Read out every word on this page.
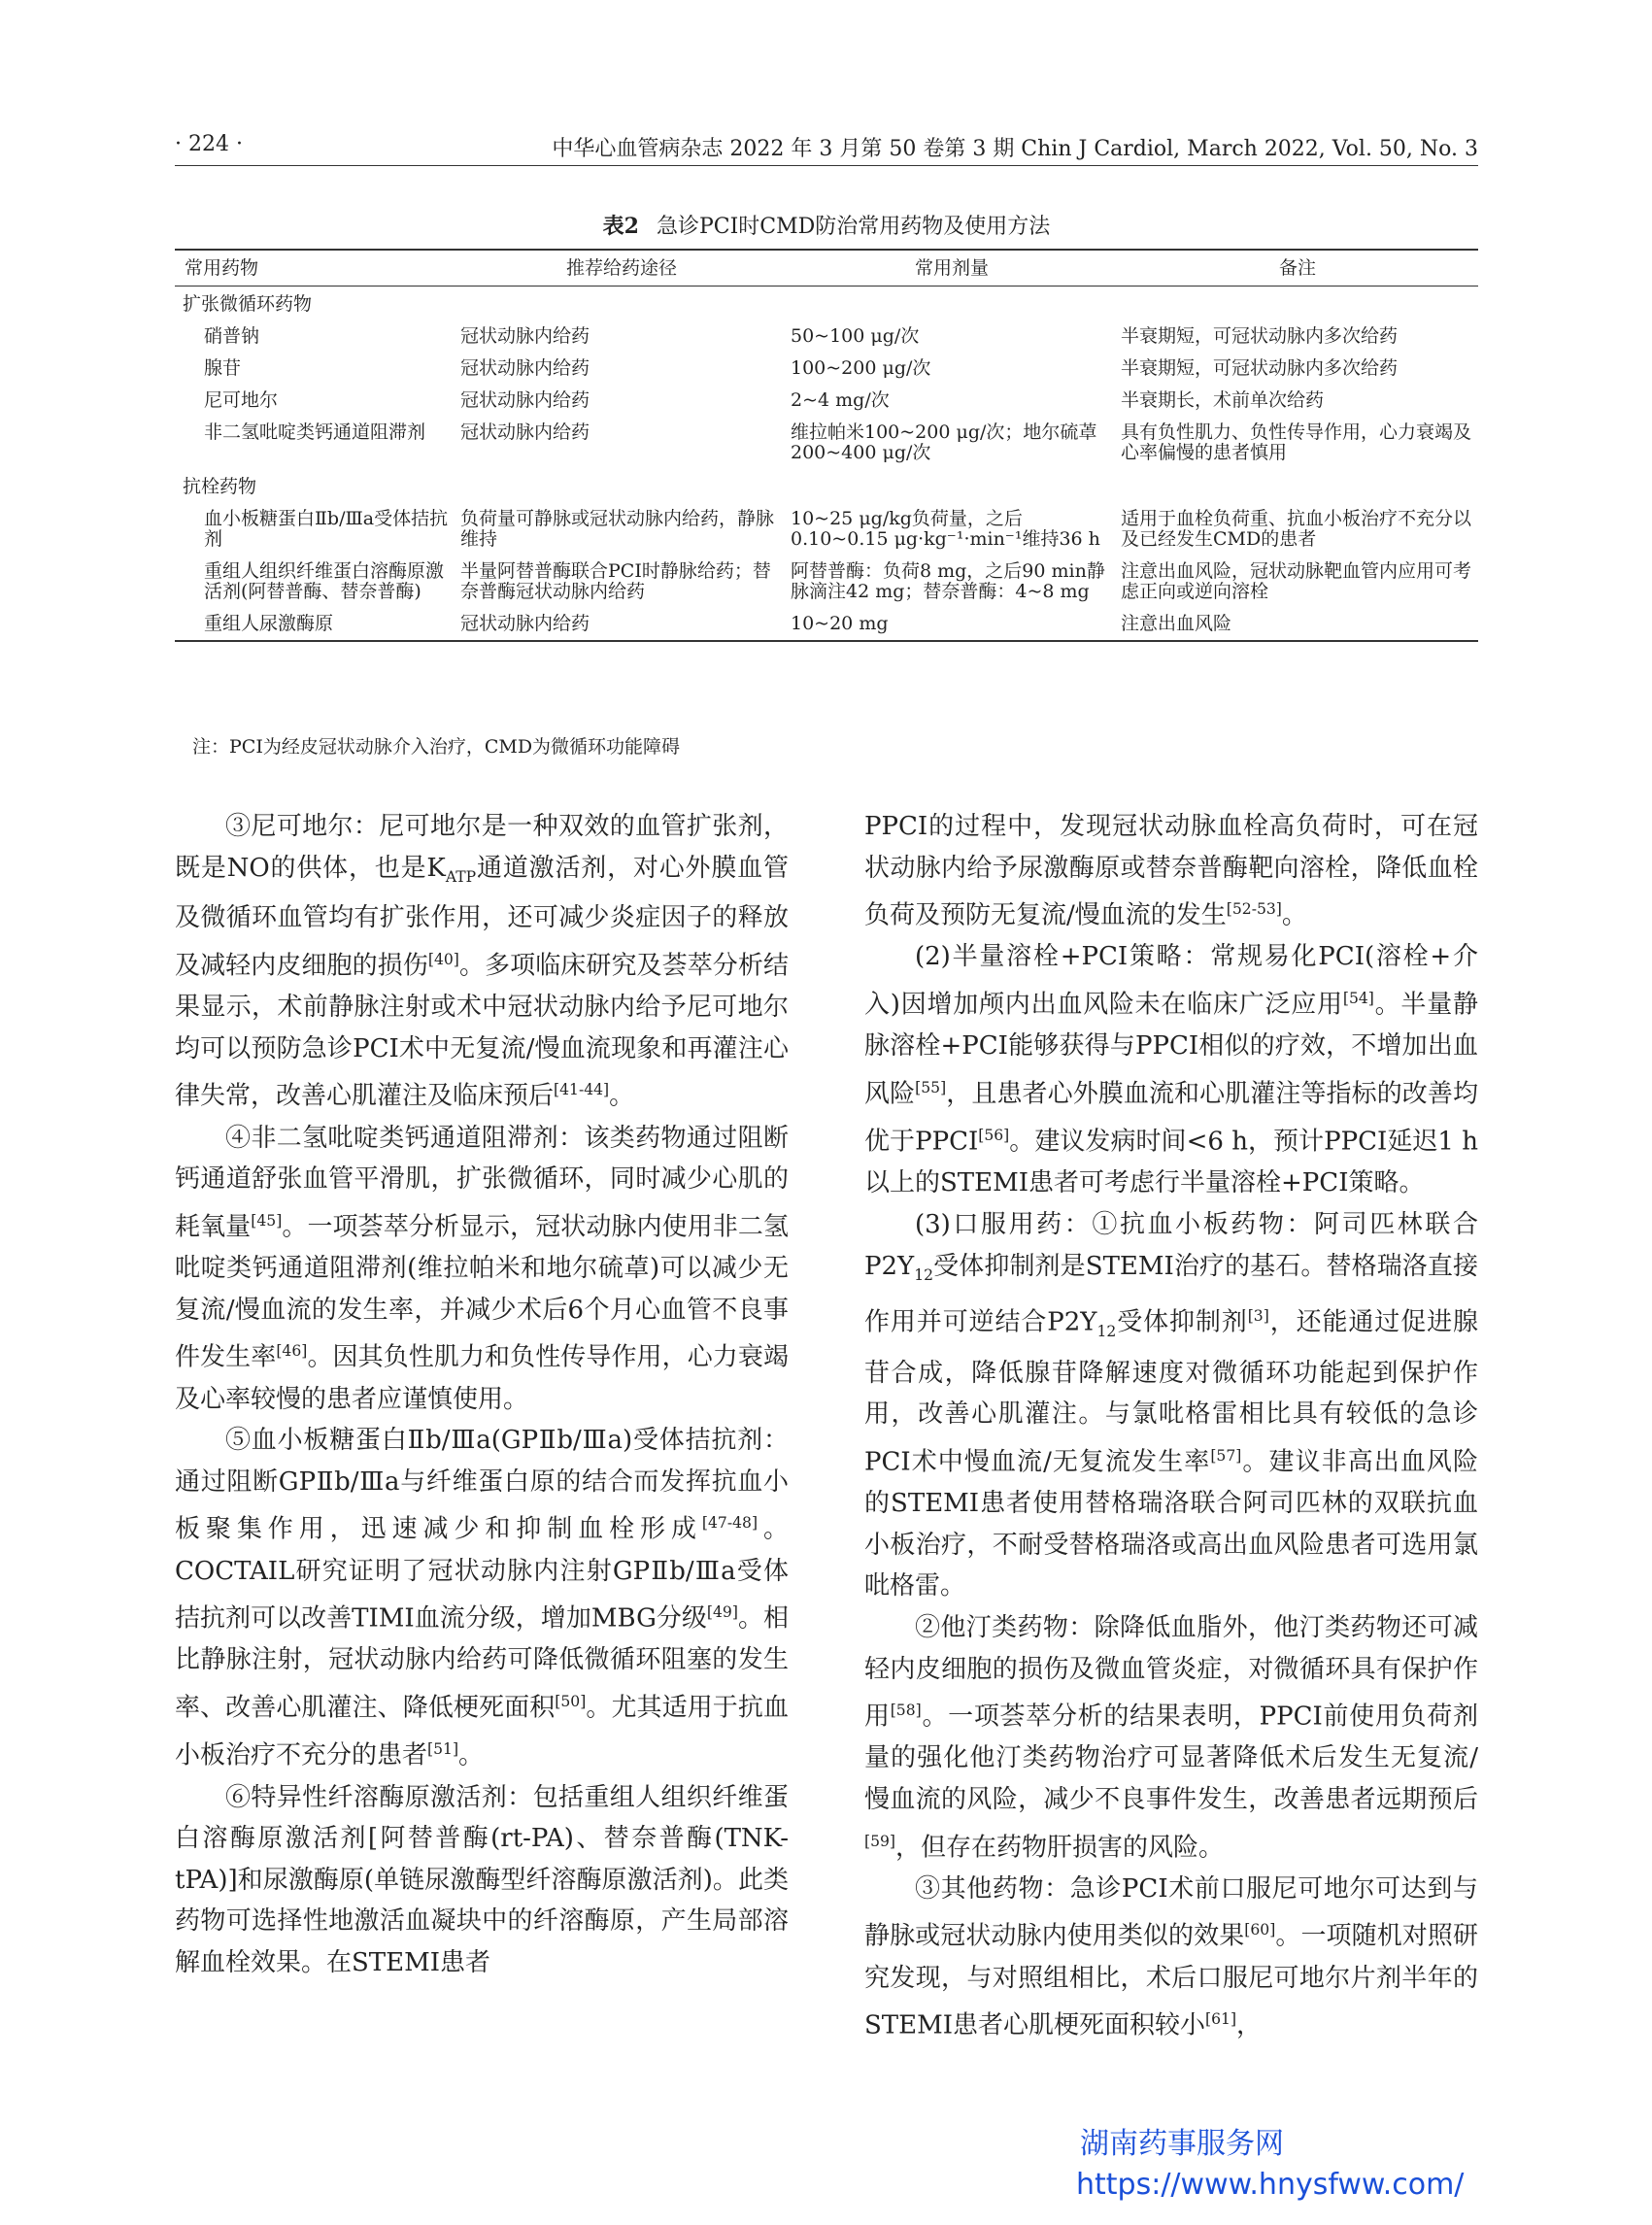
· 224 ·	中华心血管病杂志 2022 年 3 月第 50 卷第 3 期 Chin J Cardiol, March 2022, Vol. 50, No. 3
表2 急诊PCI时CMD防治常用药物及使用方法
常用药物	推荐给药途径	常用剂量	备注
扩张微循环药物			
硝普钠	冠状动脉内给药	50~100 μg/次	半衰期短，可冠状动脉内多次给药
腺苷	冠状动脉内给药	100~200 μg/次	半衰期短，可冠状动脉内多次给药
尼可地尔	冠状动脉内给药	2~4 mg/次	半衰期长，术前单次给药
非二氢吡啶类钙通道阻滞剂	冠状动脉内给药	维拉帕米100~200 μg/次；地尔硫䓬200~400 μg/次	具有负性肌力、负性传导作用，心力衰竭及心率偏慢的患者慎用
抗栓药物			
血小板糖蛋白Ⅱb/Ⅲa受体拮抗剂	负荷量可静脉或冠状动脉内给药，静脉维持	10~25 μg/kg负荷量，之后0.10~0.15 μg·kg⁻¹·min⁻¹维持36 h	适用于血栓负荷重、抗血小板治疗不充分以及已经发生CMD的患者
重组人组织纤维蛋白溶酶原激活剂(阿替普酶、替奈普酶)	半量阿替普酶联合PCI时静脉给药；替奈普酶冠状动脉内给药	阿替普酶：负荷8 mg，之后90 min静脉滴注42 mg；替奈普酶：4~8 mg	注意出血风险，冠状动脉靶血管内应用可考虑正向或逆向溶栓
重组人尿激酶原	冠状动脉内给药	10~20 mg	注意出血风险
注：PCI为经皮冠状动脉介入治疗，CMD为微循环功能障碍

③尼可地尔：尼可地尔是一种双效的血管扩张剂，既是NO的供体，也是$K_{ATP}$通道激活剂，对心外膜血管及微循环血管均有扩张作用，还可减少炎症因子的释放及减轻内皮细胞的损伤[40]。多项临床研究及荟萃分析结果显示，术前静脉注射或术中冠状动脉内给予尼可地尔均可以预防急诊PCI术中无复流/慢血流现象和再灌注心律失常，改善心肌灌注及临床预后[41-44]。

④非二氢吡啶类钙通道阻滞剂：该类药物通过阻断钙通道舒张血管平滑肌，扩张微循环，同时减少心肌的耗氧量[45]。一项荟萃分析显示，冠状动脉内使用非二氢吡啶类钙通道阻滞剂(维拉帕米和地尔硫䓬)可以减少无复流/慢血流的发生率，并减少术后6个月心血管不良事件发生率[46]。因其负性肌力和负性传导作用，心力衰竭及心率较慢的患者应谨慎使用。

⑤血小板糖蛋白Ⅱb/Ⅲa(GPⅡb/Ⅲa)受体拮抗剂：通过阻断GPⅡb/Ⅲa与纤维蛋白原的结合而发挥抗血小板聚集作用，迅速减少和抑制血栓形成[47-48]。COCTAIL研究证明了冠状动脉内注射GPⅡb/Ⅲa受体拮抗剂可以改善TIMI血流分级，增加MBG分级[49]。相比静脉注射，冠状动脉内给药可降低微循环阻塞的发生率、改善心肌灌注、降低梗死面积[50]。尤其适用于抗血小板治疗不充分的患者[51]。

⑥特异性纤溶酶原激活剂：包括重组人组织纤维蛋白溶酶原激活剂[阿替普酶(rt-PA)、替奈普酶(TNK-tPA)]和尿激酶原(单链尿激酶型纤溶酶原激活剂)。此类药物可选择性地激活血凝块中的纤溶酶原，产生局部溶解血栓效果。在STEMI患者

PPCI的过程中，发现冠状动脉血栓高负荷时，可在冠状动脉内给予尿激酶原或替奈普酶靶向溶栓，降低血栓负荷及预防无复流/慢血流的发生[52-53]。

(2)半量溶栓+PCI策略：常规易化PCI(溶栓+介入)因增加颅内出血风险未在临床广泛应用[54]。半量静脉溶栓+PCI能够获得与PPCI相似的疗效，不增加出血风险[55]，且患者心外膜血流和心肌灌注等指标的改善均优于PPCI[56]。建议发病时间<6 h，预计PPCI延迟1 h以上的STEMI患者可考虑行半量溶栓+PCI策略。

(3)口服用药：①抗血小板药物：阿司匹林联合$P2Y_{12}$受体抑制剂是STEMI治疗的基石。替格瑞洛直接作用并可逆结合$P2Y_{12}$受体抑制剂[3]，还能通过促进腺苷合成，降低腺苷降解速度对微循环功能起到保护作用，改善心肌灌注。与氯吡格雷相比具有较低的急诊PCI术中慢血流/无复流发生率[57]。建议非高出血风险的STEMI患者使用替格瑞洛联合阿司匹林的双联抗血小板治疗，不耐受替格瑞洛或高出血风险患者可选用氯吡格雷。

②他汀类药物：除降低血脂外，他汀类药物还可减轻内皮细胞的损伤及微血管炎症，对微循环具有保护作用[58]。一项荟萃分析的结果表明，PPCI前使用负荷剂量的强化他汀类药物治疗可显著降低术后发生无复流/慢血流的风险，减少不良事件发生，改善患者远期预后[59]，但存在药物肝损害的风险。

③其他药物：急诊PCI术前口服尼可地尔可达到与静脉或冠状动脉内使用类似的效果[60]。一项随机对照研究发现，与对照组相比，术后口服尼可地尔片剂半年的STEMI患者心肌梗死面积较小[61]，

湖南药事服务网
https://www.hnysfww.com/
